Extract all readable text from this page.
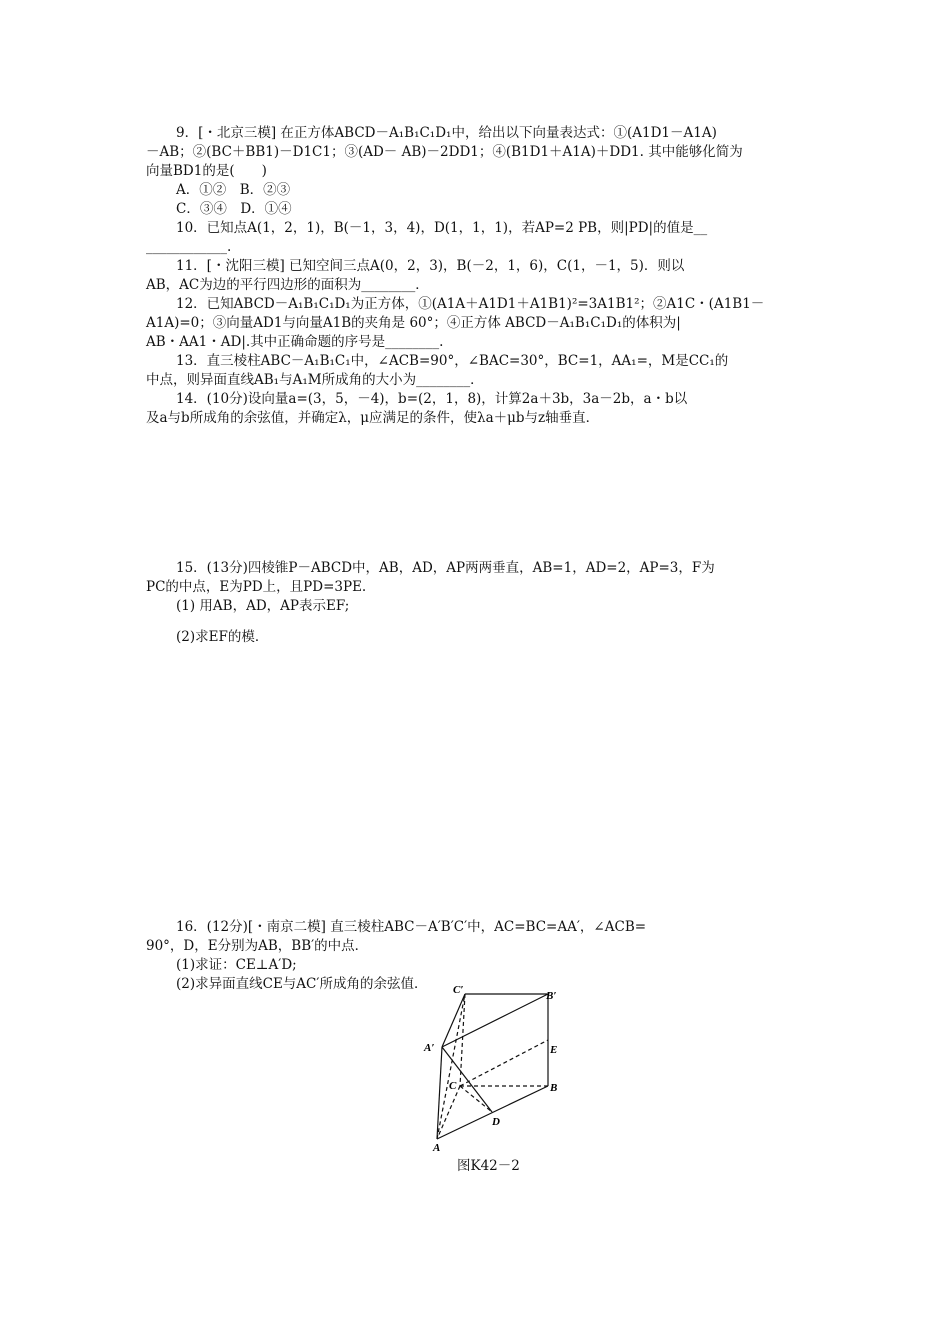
9．[・北京三模] 在正方体ABCD－A₁B₁C₁D₁中，给出以下向量表达式：①(A1D1－A1A)
－AB；②(BC＋BB1)－D1C1；③(AD－ AB)－2DD1；④(B1D1＋A1A)＋DD1. 其中能够化简为
向量BD1的是(　　)
A．①②　B．②③
C．③④　D．①④
10．已知点A(1，2，1)，B(－1，3，4)，D(1，1，1)，若AP=2 PB，则|PD|的值是__
____________.
11．[・沈阳三模] 已知空间三点A(0，2，3)，B(－2，1，6)，C(1，－1，5)．则以
AB，AC为边的平行四边形的面积为________．
12．已知ABCD－A₁B₁C₁D₁为正方体，①(A1A＋A1D1＋A1B1)²=3A1B1²；②A1C・(A1B1－
A1A)=0；③向量AD1与向量A1B的夹角是 60°；④正方体 ABCD－A₁B₁C₁D₁的体积为|
AB・AA1・AD|.其中正确命题的序号是________.
13．直三棱柱ABC－A₁B₁C₁中，∠ACB=90°，∠BAC=30°，BC=1，AA₁=，M是CC₁的
中点，则异面直线AB₁与A₁M所成角的大小为________．
14．(10分)设向量a=(3，5，－4)，b=(2，1，8)，计算2a＋3b，3a－2b，a・b以
及a与b所成角的余弦值，并确定λ，μ应满足的条件，使λa＋μb与z轴垂直．
15．(13分)四棱锥P－ABCD中，AB，AD，AP两两垂直，AB=1，AD=2，AP=3，F为
PC的中点，E为PD上，且PD=3PE.
(1) 用AB，AD，AP表示EF;
(2)求EF的模．
16．(12分)[・南京二模] 直三棱柱ABC－A′B′C′中，AC=BC=AA′，∠ACB=
90°，D，E分别为AB，BB′的中点．
(1)求证：CE⊥A′D;
(2)求异面直线CE与AC′所成角的余弦值． C′	B′
A′	E
C	B
D
A
图K42－2
